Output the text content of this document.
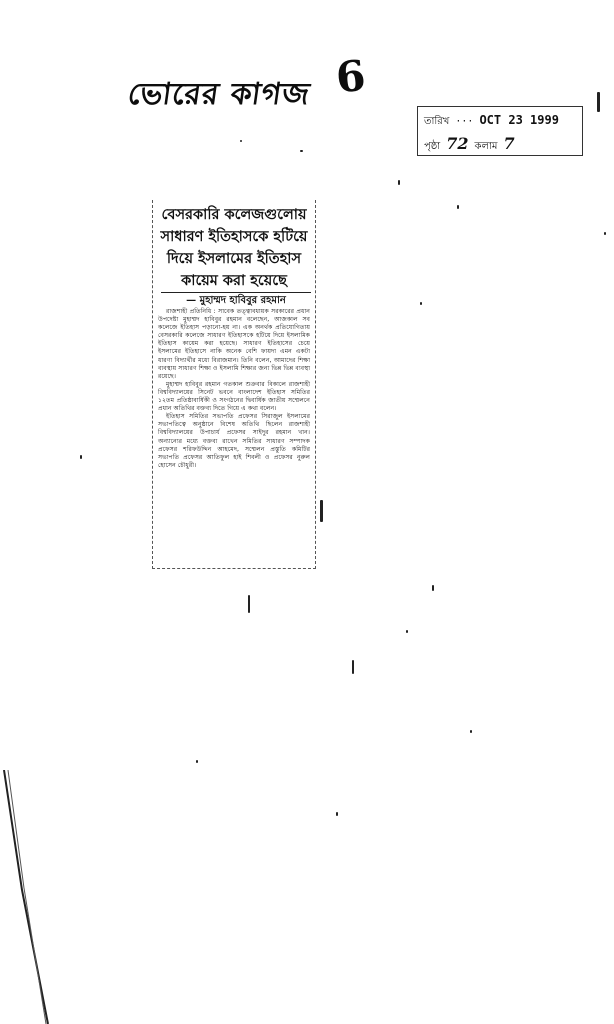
ভোরের কাগজ 6
তারিখ ··· OCT 23 1999
পৃষ্ঠা 72 কলাম 7
বেসরকারি কলেজগুলোয়
সাধারণ ইতিহাসকে হটিয়ে
দিয়ে ইসলামের ইতিহাস
কায়েম করা হয়েছে
— মুহাম্মদ হাবিবুর রহমান

রাজশাহী প্রতিনিধি : সাবেক তত্ত্বাবধায়ক সরকারের প্রধান উপদেষ্টা মুহাম্মদ হাবিবুর রহমান বলেছেন, আজকাল সব কলেজে ইতিহাস পড়ানো-হয় না। এক অনর্থক প্রতিযোগিতায় বেসরকারি কলেজে সাধারণ ইতিহাসকে হটিয়ে দিয়ে ইসলামিক ইতিহাস কায়েম করা হয়েছে। সাধারণ ইতিহাসের চেয়ে ইসলামের ইতিহাসে নাকি অনেক বেশি ফায়দা এমন একটা ধারণা বিদ্যার্থীর মধ্যে বিরাজমান। তিনি বলেন, আমাদের শিক্ষা ব্যবস্থায় সাধারণ শিক্ষা ও ইসলামি শিক্ষার জন্য ভিন্ন ভিন্ন ব্যবস্থা রয়েছে।

মুহাম্মদ হাবিবুর রহমান গতকাল শুক্রবার বিকালে রাজশাহী বিশ্ববিদ্যালয়ের সিনেট ভবনে বাংলাদেশ ইতিহাস সমিতির ১২তম প্রতিষ্ঠাবার্ষিকী ও সংগঠনের দ্বিবার্ষিক জাতীয় সম্মেলনে প্রধান অতিথির বক্তব্য দিতে গিয়ে এ কথা বলেন।

ইতিহাস সমিতির সভাপতি প্রফেসর সিরাজুল ইসলামের সভাপতিত্বে অনুষ্ঠানে বিশেষ অতিথি ছিলেন রাজশাহী বিশ্ববিদ্যালয়ের উপাচার্য প্রফেসর সাইদুর রহমান খান। অন্যান্যের মধ্যে বক্তব্য রাখেন সমিতির সাধারণ সম্পাদক প্রফেসর শরিফউদ্দিন আহমেদ, সম্মেলন প্রস্তুতি কমিটির সভাপতি প্রফেসর আতিফুল হাই শিবলী ও প্রফেসর নুরুল হোসেন চৌধুরী।
